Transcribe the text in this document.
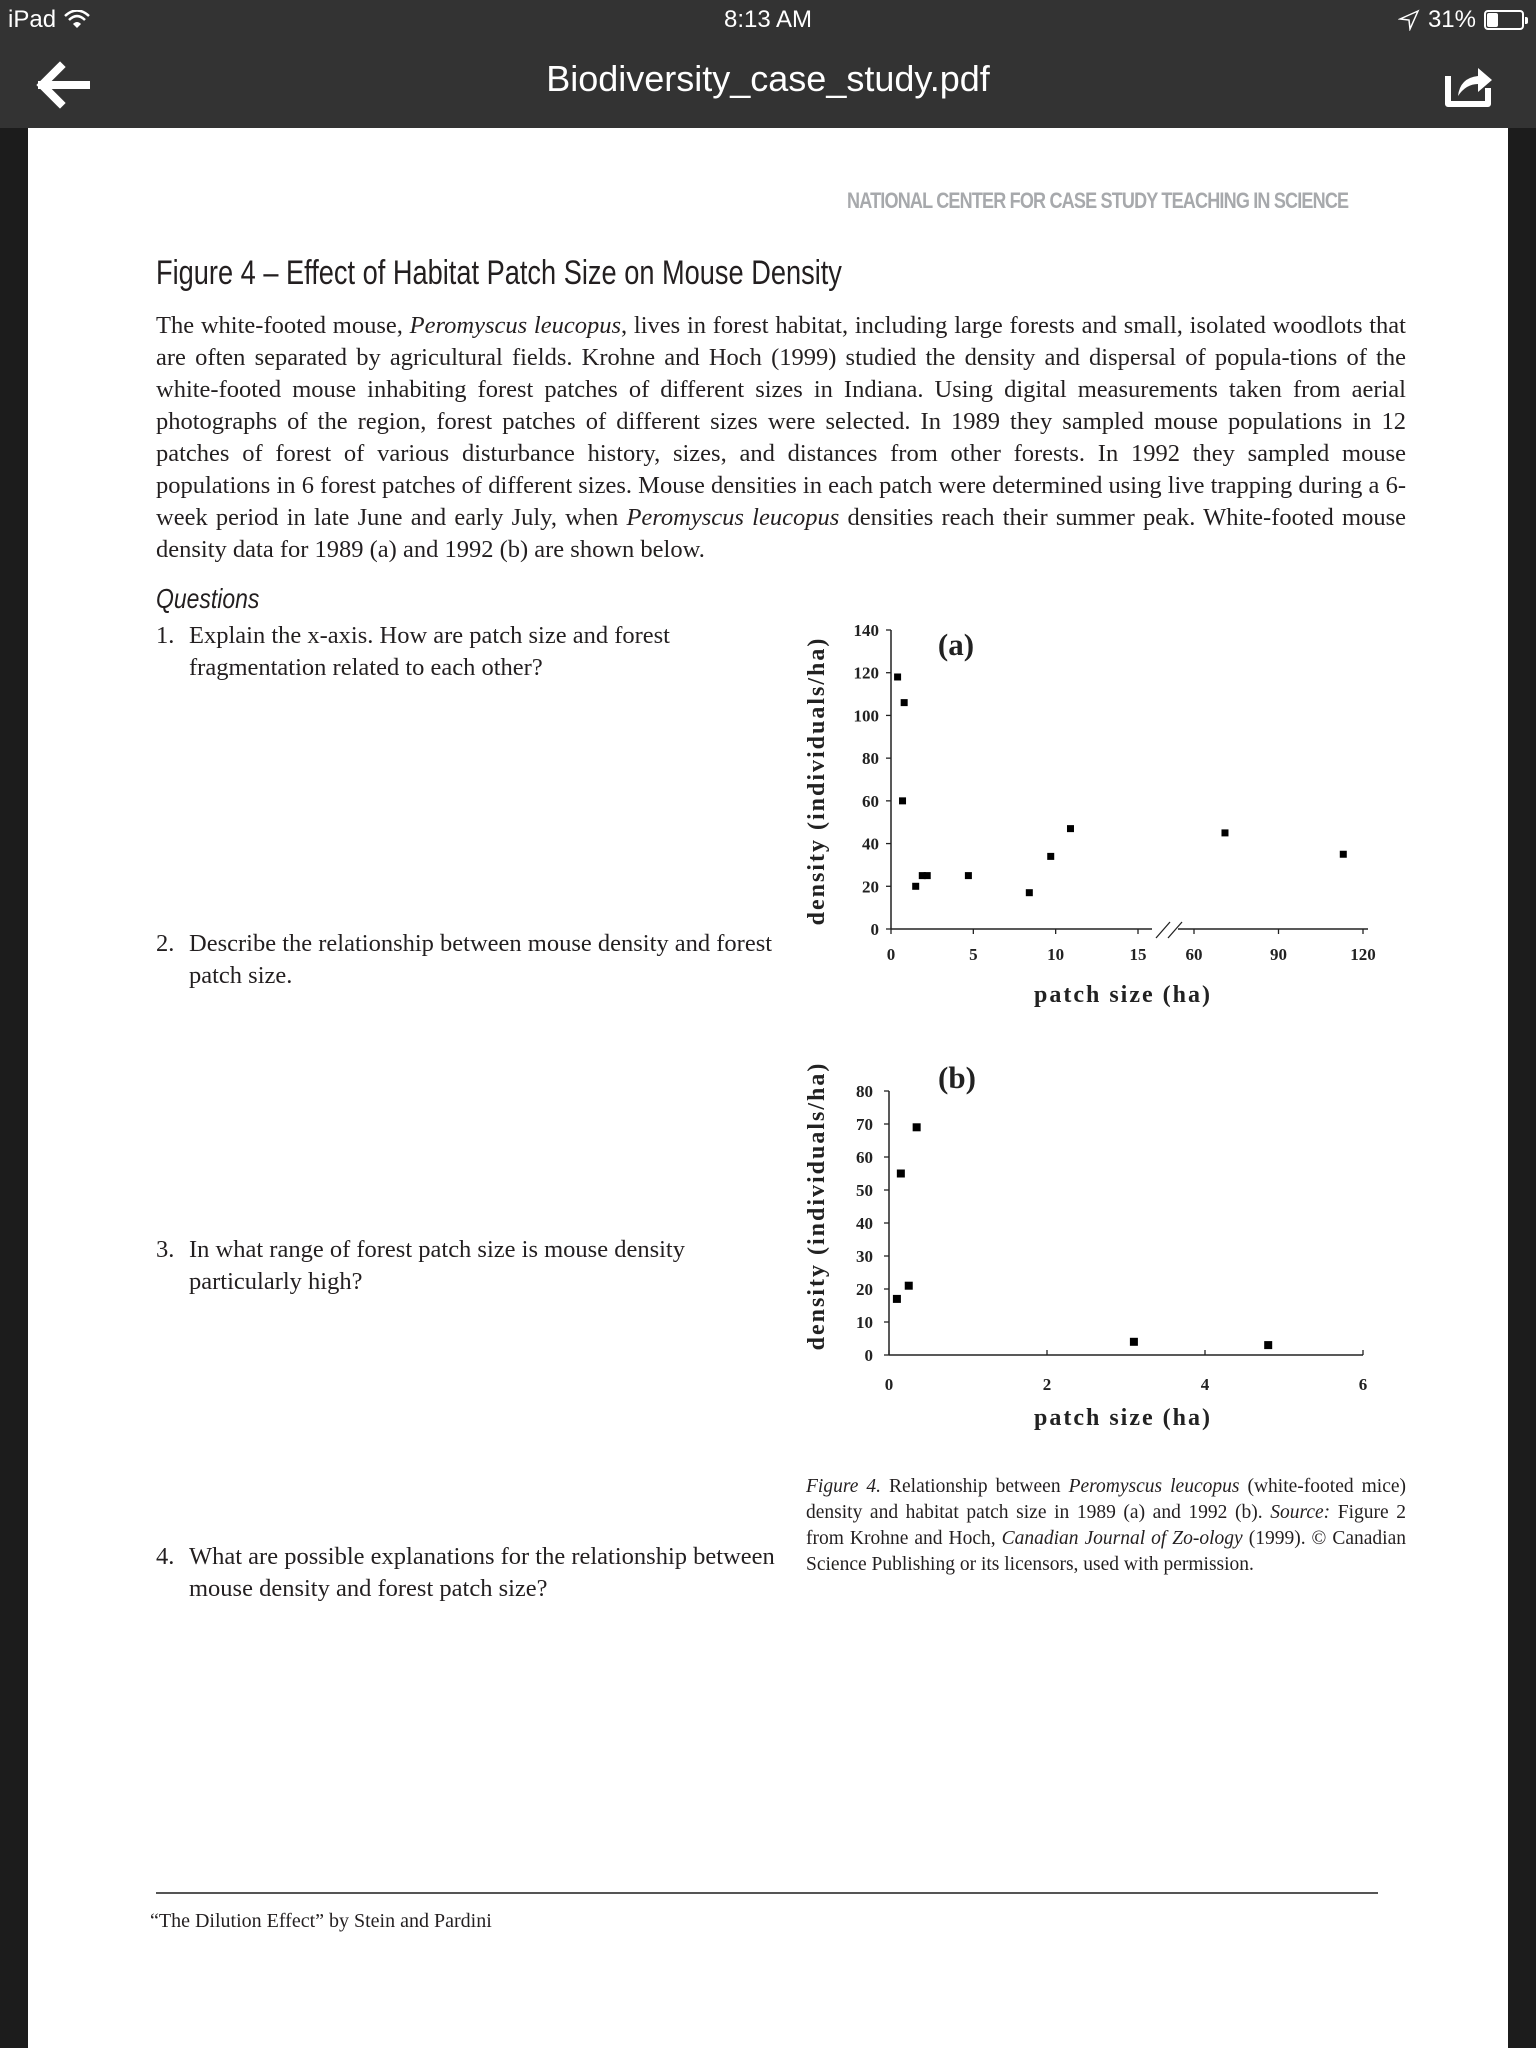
iPad	8:13 AM	31%
Biodiversity_case_study.pdf
NATIONAL CENTER FOR CASE STUDY TEACHING IN SCIENCE
Figure 4 – Effect of Habitat Patch Size on Mouse Density
The white-footed mouse, Peromyscus leucopus, lives in forest habitat, including large forests and small, isolated woodlots that are often separated by agricultural fields. Krohne and Hoch (1999) studied the density and dispersal of popula-tions of the white-footed mouse inhabiting forest patches of different sizes in Indiana. Using digital measurements taken from aerial photographs of the region, forest patches of different sizes were selected. In 1989 they sampled mouse populations in 12 patches of forest of various disturbance history, sizes, and distances from other forests. In 1992 they sampled mouse populations in 6 forest patches of different sizes. Mouse densities in each patch were determined using live trapping during a 6-week period in late June and early July, when Peromyscus leucopus densities reach their summer peak. White-footed mouse density data for 1989 (a) and 1992 (b) are shown below.
Questions
1. Explain the x-axis. How are patch size and forest fragmentation related to each other?
2. Describe the relationship between mouse density and forest patch size.
3. In what range of forest patch size is mouse density particularly high?
4. What are possible explanations for the relationship between mouse density and forest patch size?
Figure 4. Relationship between Peromyscus leucopus (white-footed mice) density and habitat patch size in 1989 (a) and 1992 (b). Source: Figure 2 from Krohne and Hoch, Canadian Journal of Zo-ology (1999). © Canadian Science Publishing or its licensors, used with permission.
“The Dilution Effect” by Stein and Pardini
0
20
40
60
80
100
120
140
0	5	10	15 60	90	120
(a)
patch size (ha)
density (individuals/ha)
0
10
20
30
40
50
60
70
80
0	2	4	6
(b)
patch size (ha)
density (individuals/ha)
